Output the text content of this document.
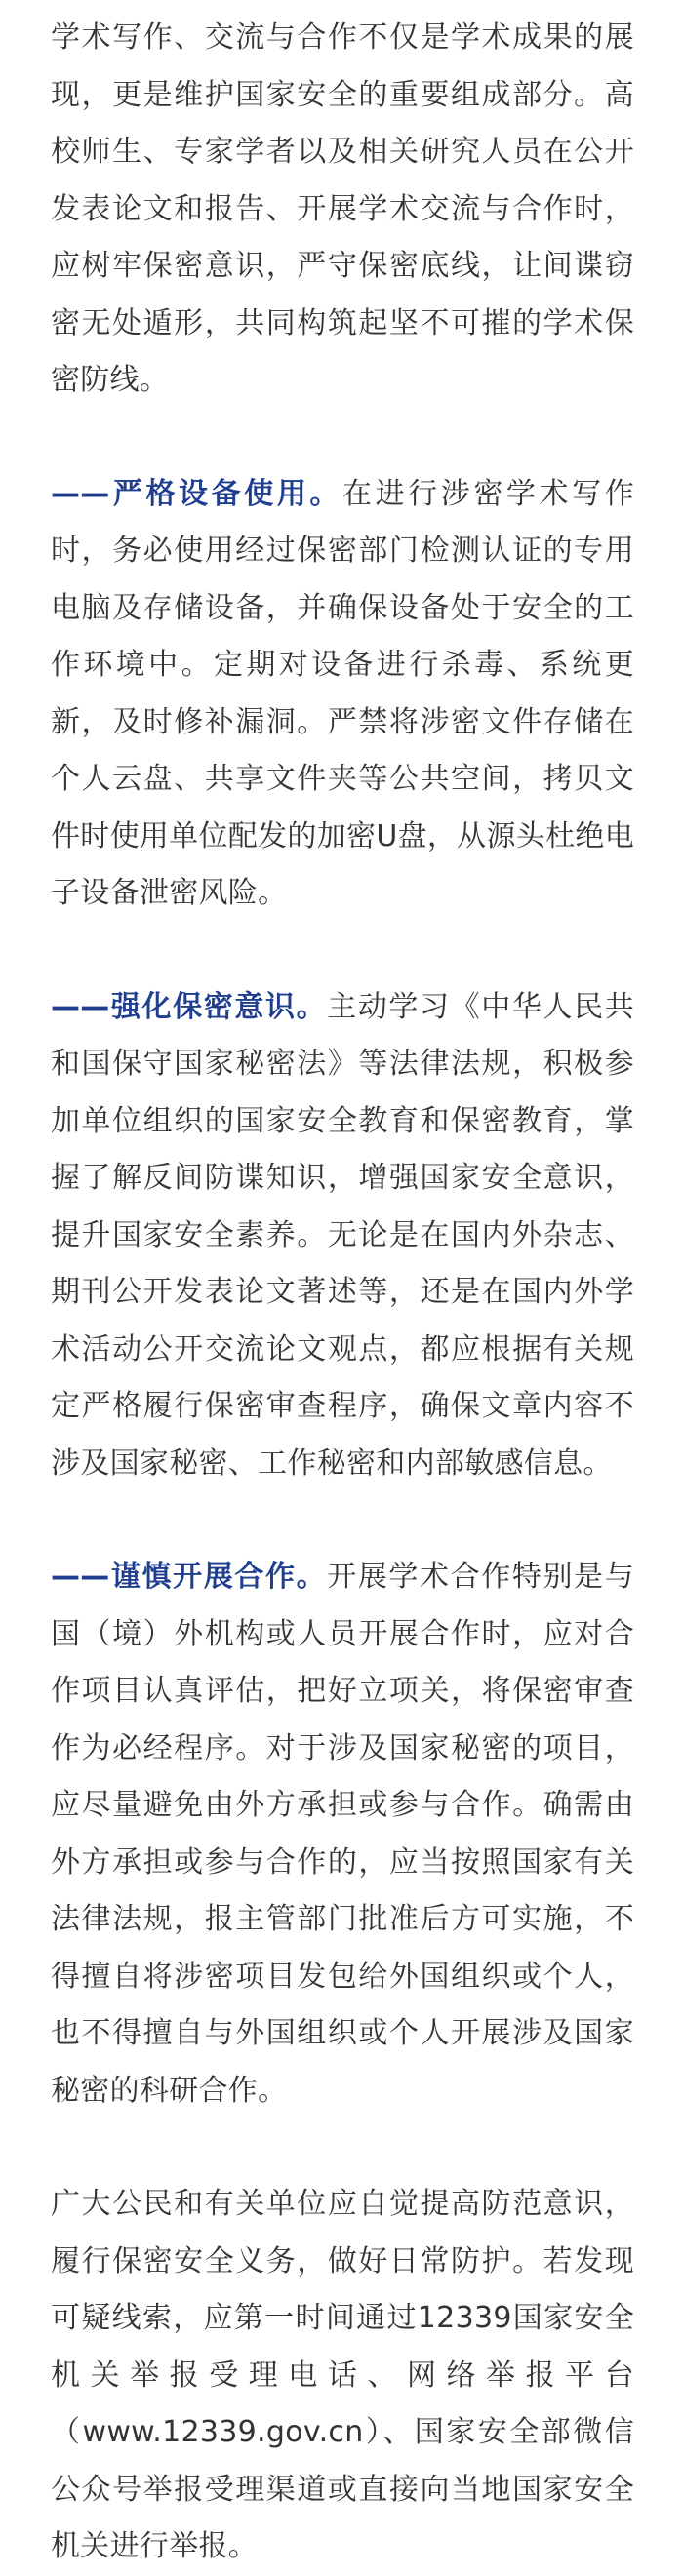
学术写作、交流与合作不仅是学术成果的展现，更是维护国家安全的重要组成部分。高校师生、专家学者以及相关研究人员在公开发表论文和报告、开展学术交流与合作时，应树牢保密意识，严守保密底线，让间谍窃密无处遁形，共同构筑起坚不可摧的学术保密防线。

——严格设备使用。在进行涉密学术写作时，务必使用经过保密部门检测认证的专用电脑及存储设备，并确保设备处于安全的工作环境中。定期对设备进行杀毒、系统更新，及时修补漏洞。严禁将涉密文件存储在个人云盘、共享文件夹等公共空间，拷贝文件时使用单位配发的加密U盘，从源头杜绝电子设备泄密风险。

——强化保密意识。主动学习《中华人民共和国保守国家秘密法》等法律法规，积极参加单位组织的国家安全教育和保密教育，掌握了解反间防谍知识，增强国家安全意识，提升国家安全素养。无论是在国内外杂志、期刊公开发表论文著述等，还是在国内外学术活动公开交流论文观点，都应根据有关规定严格履行保密审查程序，确保文章内容不涉及国家秘密、工作秘密和内部敏感信息。

——谨慎开展合作。开展学术合作特别是与国（境）外机构或人员开展合作时，应对合作项目认真评估，把好立项关，将保密审查作为必经程序。对于涉及国家秘密的项目，应尽量避免由外方承担或参与合作。确需由外方承担或参与合作的，应当按照国家有关法律法规，报主管部门批准后方可实施，不得擅自将涉密项目发包给外国组织或个人，也不得擅自与外国组织或个人开展涉及国家秘密的科研合作。

广大公民和有关单位应自觉提高防范意识，履行保密安全义务，做好日常防护。若发现可疑线索，应第一时间通过12339国家安全机关举报受理电话、网络举报平台（www.12339.gov.cn）、国家安全部微信公众号举报受理渠道或直接向当地国家安全机关进行举报。
